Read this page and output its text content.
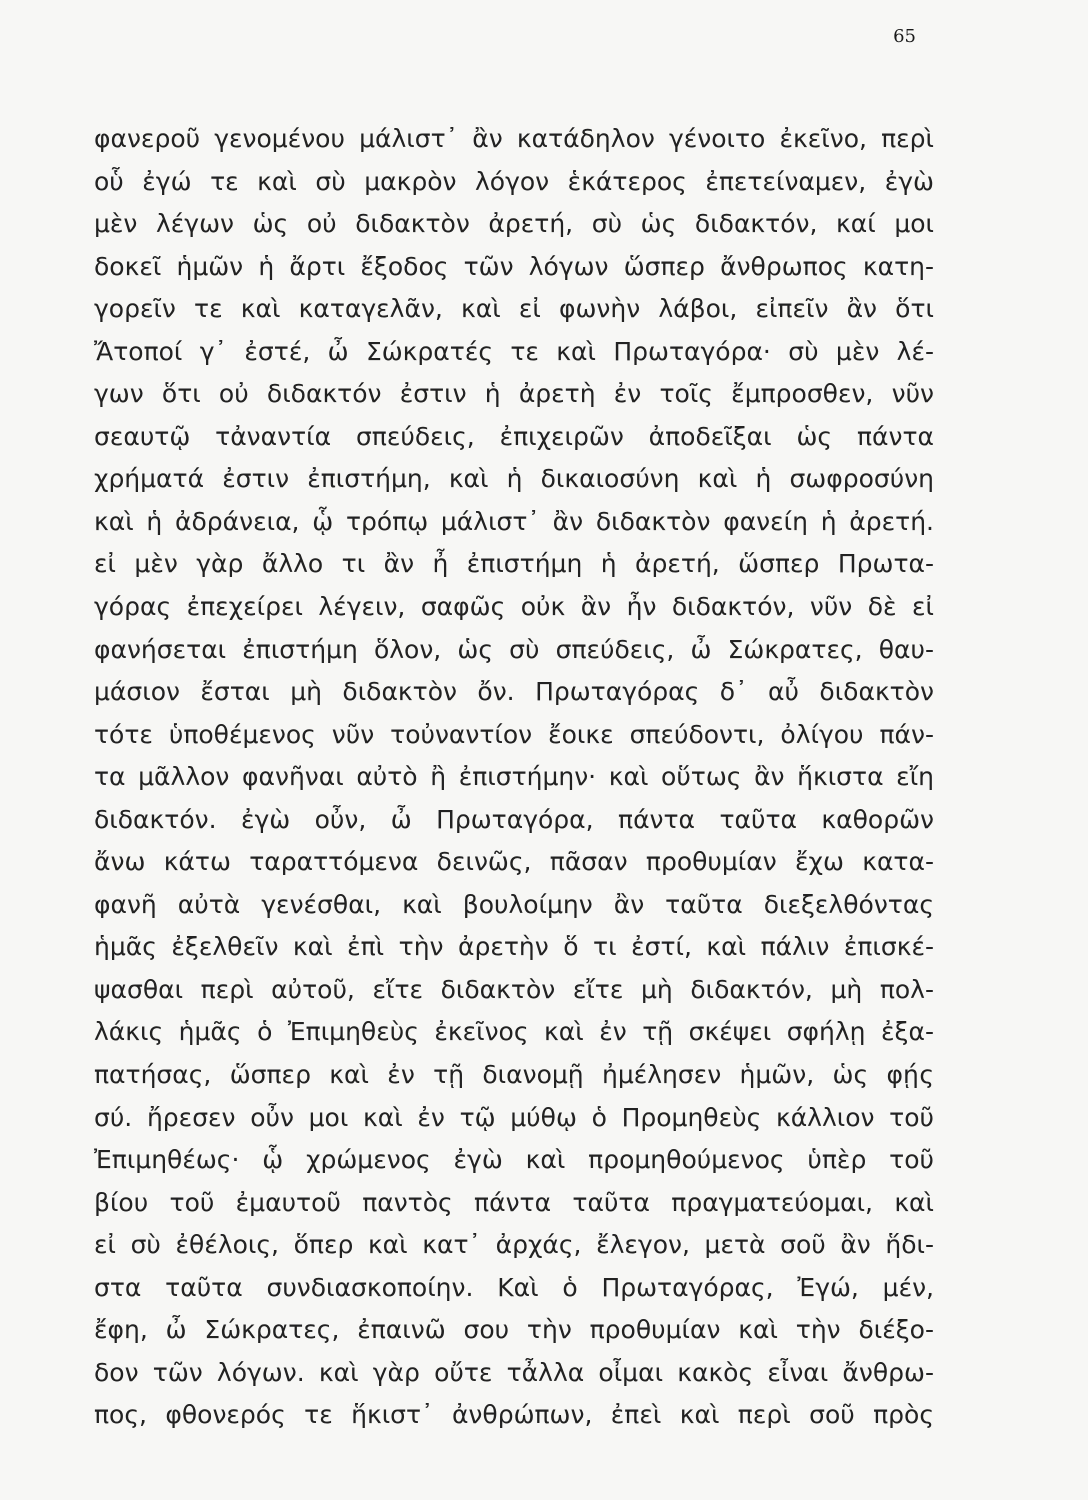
65
φανεροῦ γενομένου μάλιστ᾽ ἂν κατάδηλον γένοιτο ἐκεῖνο, περὶ
οὗ ἐγώ τε καὶ σὺ μακρὸν λόγον ἑκάτερος ἐπετείναμεν, ἐγὼ
μὲν λέγων ὡς οὐ διδακτὸν ἀρετή, σὺ ὡς διδακτόν, καί μοι
δοκεῖ ἡμῶν ἡ ἄρτι ἔξοδος τῶν λόγων ὥσπερ ἄνθρωπος κατη-
γορεῖν τε καὶ καταγελᾶν, καὶ εἰ φωνὴν λάβοι, εἰπεῖν ἂν ὅτι
Ἄτοποί γ᾽ ἐστέ, ὦ Σώκρατές τε καὶ Πρωταγόρα· σὺ μὲν λέ-
γων ὅτι οὐ διδακτόν ἐστιν ἡ ἀρετὴ ἐν τοῖς ἔμπροσθεν, νῦν
σεαυτῷ τἀναντία σπεύδεις, ἐπιχειρῶν ἀποδεῖξαι ὡς πάντα
χρήματά ἐστιν ἐπιστήμη, καὶ ἡ δικαιοσύνη καὶ ἡ σωφροσύνη
καὶ ἡ ἀδράνεια, ᾧ τρόπῳ μάλιστ᾽ ἂν διδακτὸν φανείη ἡ ἀρετή.
εἰ μὲν γὰρ ἄλλο τι ἂν ἦ ἐπιστήμη ἡ ἀρετή, ὥσπερ Πρωτα-
γόρας ἐπεχείρει λέγειν, σαφῶς οὐκ ἂν ἦν διδακτόν, νῦν δὲ εἰ
φανήσεται ἐπιστήμη ὅλον, ὡς σὺ σπεύδεις, ὦ Σώκρατες, θαυ-
μάσιον ἔσται μὴ διδακτὸν ὄν. Πρωταγόρας δ᾽ αὖ διδακτὸν
τότε ὑποθέμενος νῦν τοὐναντίον ἔοικε σπεύδοντι, ὀλίγου πάν-
τα μᾶλλον φανῆναι αὐτὸ ἢ ἐπιστήμην· καὶ οὕτως ἂν ἥκιστα εἴη
διδακτόν. ἐγὼ οὖν, ὦ Πρωταγόρα, πάντα ταῦτα καθορῶν
ἄνω κάτω ταραττόμενα δεινῶς, πᾶσαν προθυμίαν ἔχω κατα-
φανῆ αὐτὰ γενέσθαι, καὶ βουλοίμην ἂν ταῦτα διεξελθόντας
ἡμᾶς ἐξελθεῖν καὶ ἐπὶ τὴν ἀρετὴν ὅ τι ἐστί, καὶ πάλιν ἐπισκέ-
ψασθαι περὶ αὐτοῦ, εἴτε διδακτὸν εἴτε μὴ διδακτόν, μὴ πολ-
λάκις ἡμᾶς ὁ Ἐπιμηθεὺς ἐκεῖνος καὶ ἐν τῇ σκέψει σφήλῃ ἐξα-
πατήσας, ὥσπερ καὶ ἐν τῇ διανομῇ ἠμέλησεν ἡμῶν, ὡς φῄς
σύ. ἤρεσεν οὖν μοι καὶ ἐν τῷ μύθῳ ὁ Προμηθεὺς κάλλιον τοῦ
Ἐπιμηθέως· ᾧ χρώμενος ἐγὼ καὶ προμηθούμενος ὑπὲρ τοῦ
βίου τοῦ ἐμαυτοῦ παντὸς πάντα ταῦτα πραγματεύομαι, καὶ
εἰ σὺ ἐθέλοις, ὅπερ καὶ κατ᾽ ἀρχάς, ἔλεγον, μετὰ σοῦ ἂν ἥδι-
στα ταῦτα συνδιασκοποίην. Καὶ ὁ Πρωταγόρας, Ἐγώ, μέν,
ἔφη, ὦ Σώκρατες, ἐπαινῶ σου τὴν προθυμίαν καὶ τὴν διέξο-
δον τῶν λόγων. καὶ γὰρ οὔτε τἆλλα οἶμαι κακὸς εἶναι ἄνθρω-
πος, φθονερός τε ἥκιστ᾽ ἀνθρώπων, ἐπεὶ καὶ περὶ σοῦ πρὸς
